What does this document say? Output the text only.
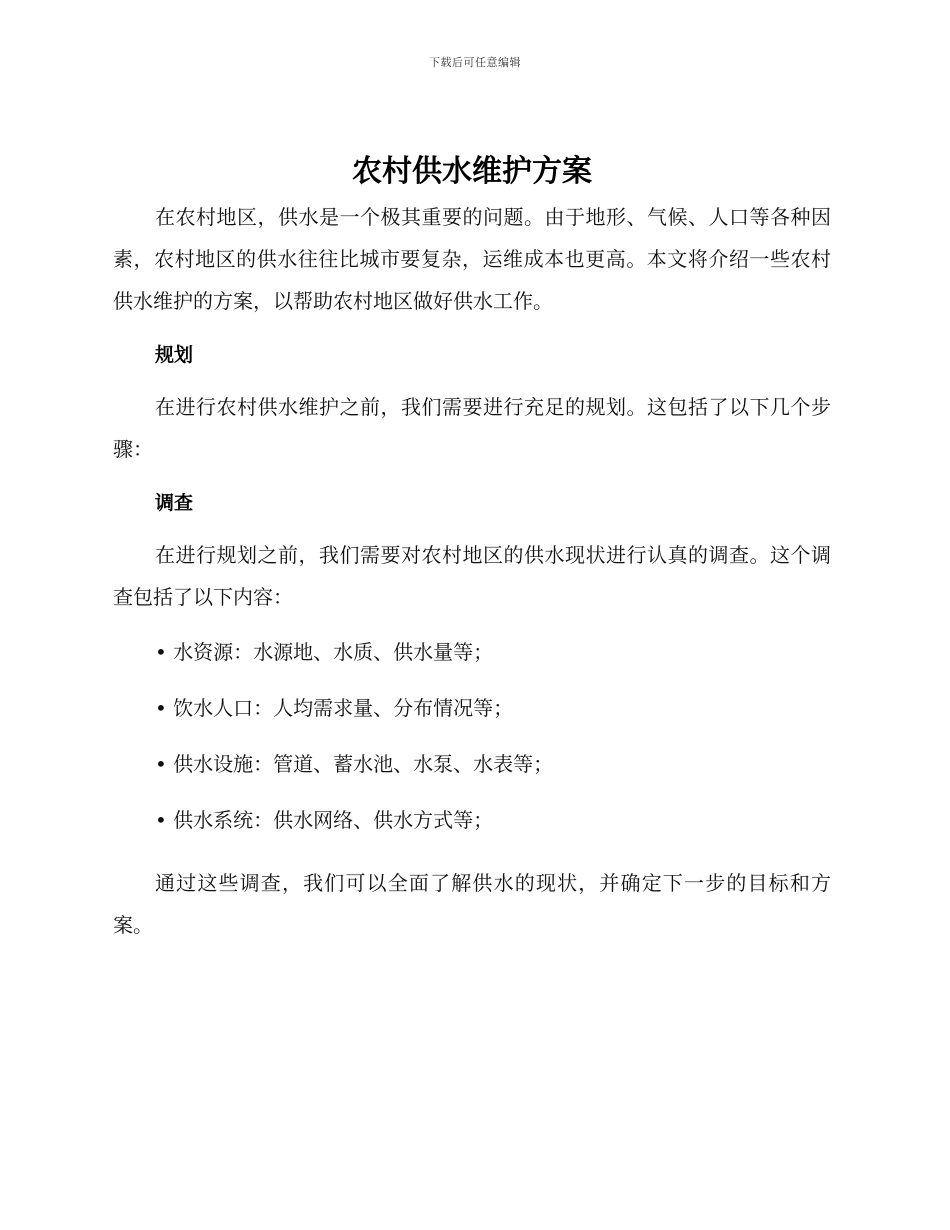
下载后可任意编辑
农村供水维护方案

在农村地区，供水是一个极其重要的问题。由于地形、气候、人口等各种因素，农村地区的供水往往比城市要复杂，运维成本也更高。本文将介绍一些农村供水维护的方案，以帮助农村地区做好供水工作。

规划

在进行农村供水维护之前，我们需要进行充足的规划。这包括了以下几个步骤：

调查

在进行规划之前，我们需要对农村地区的供水现状进行认真的调查。这个调查包括了以下内容：

• 水资源：水源地、水质、供水量等；
• 饮水人口：人均需求量、分布情况等；
• 供水设施：管道、蓄水池、水泵、水表等；
• 供水系统：供水网络、供水方式等；

通过这些调查，我们可以全面了解供水的现状，并确定下一步的目标和方案。
